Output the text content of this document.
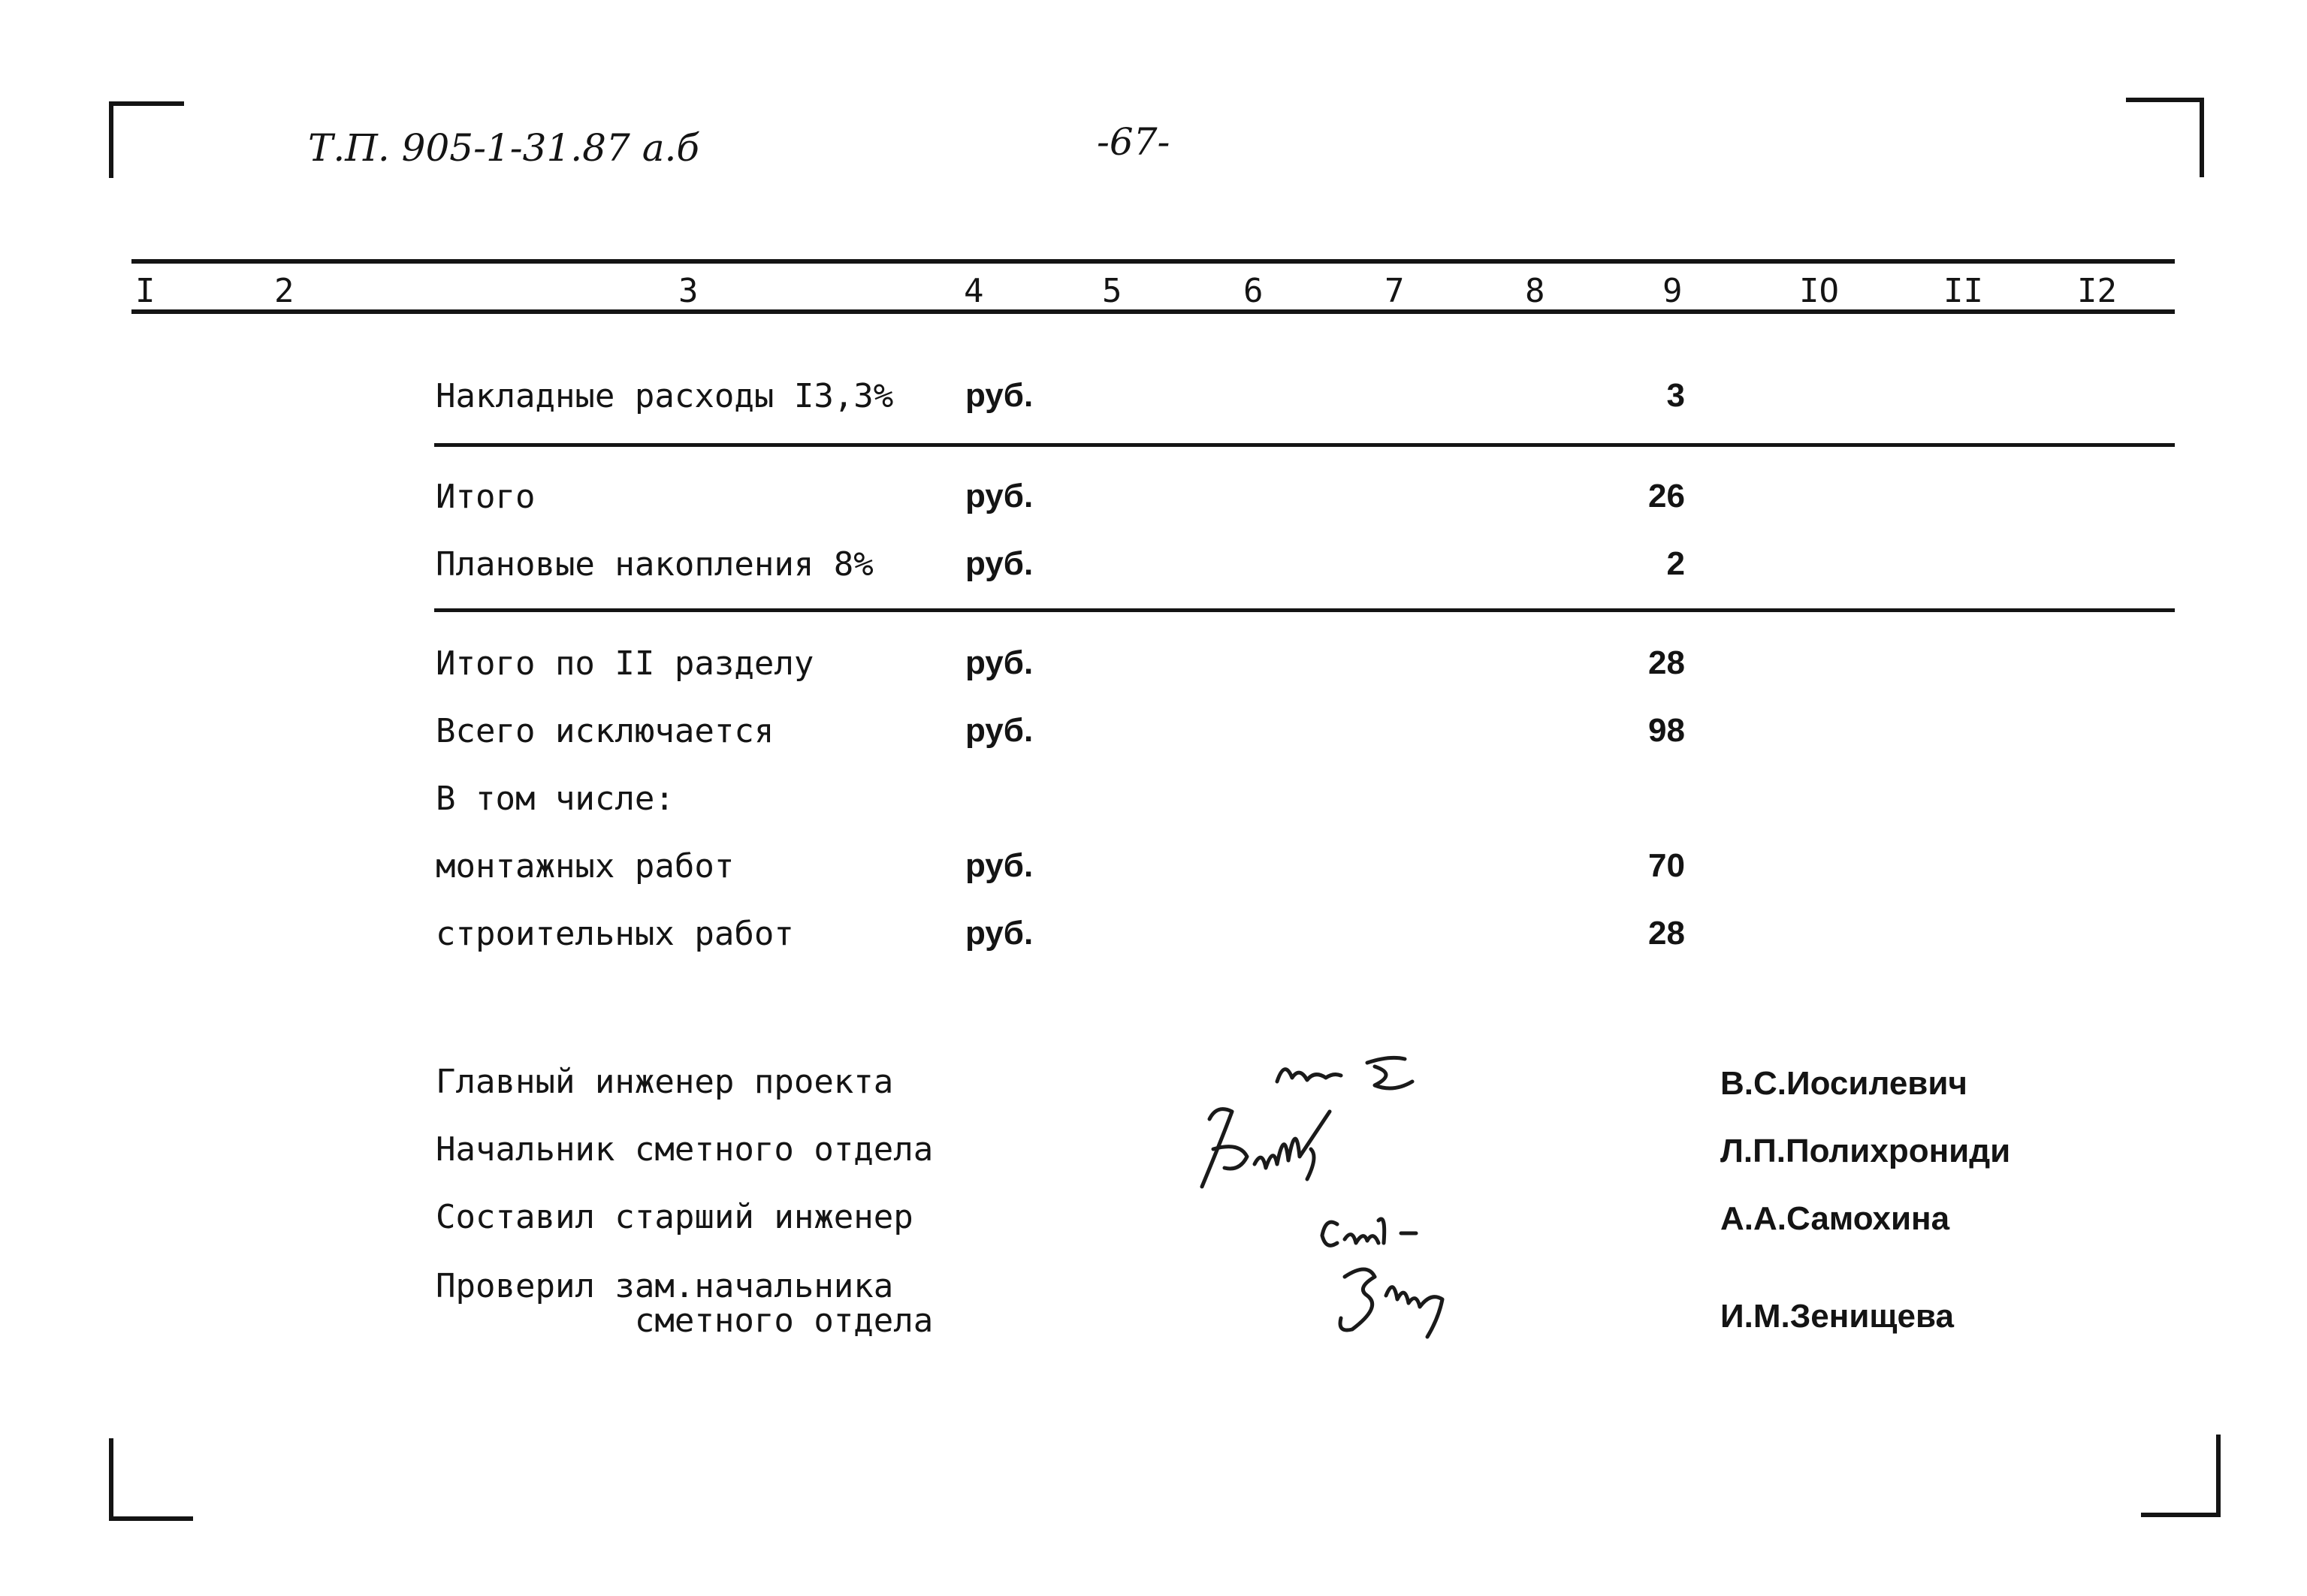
Т.П. 905-1-31.87 а.б	-67-
I	2	3	4	5	6	7	8	9	IO	II	I2
Накладные расходы I3,3% руб.	3
Итого	руб.	26
Плановые накопления 8%	руб.	2
Итого по II разделу	руб.	28
Всего исключается	руб.	98
В том числе:
монтажных работ	руб.	70
строительных работ	руб.	28
Главный инженер проекта	В.С.Иосилевич
Начальник сметного отдела	Л.П.Полихрониди
Составил старший инженер	А.А.Самохина
Проверил зам.начальника
сметного отдела	И.М.Зенищева
